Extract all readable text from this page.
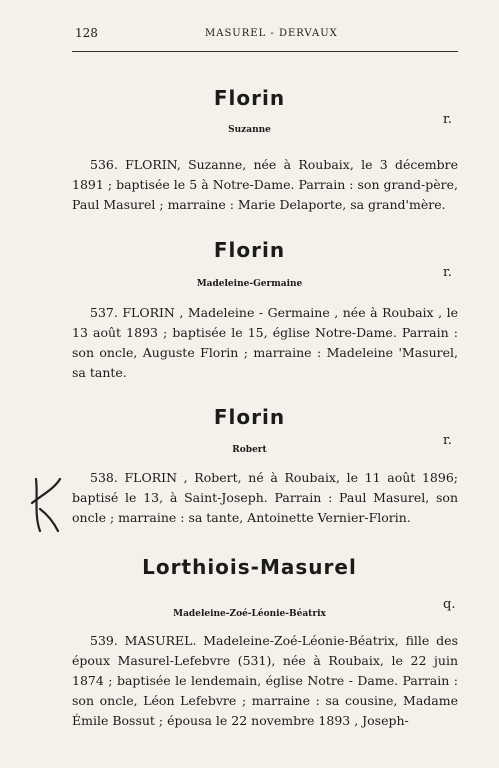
128	MASUREL - DERVAUX
Florin
r.
Suzanne
536. FLORIN, Suzanne, née à Roubaix, le 3 décembre 1891 ; baptisée le 5 à Notre-Dame. Parrain : son grand-père, Paul Masurel ; marraine : Marie Delaporte, sa grand'mère.
Florin
r.
Madeleine-Germaine
537. FLORIN , Madeleine - Germaine , née à Roubaix , le 13 août 1893 ; baptisée le 15, église Notre-Dame. Parrain : son oncle, Auguste Florin ; marraine : Madeleine 'Masurel, sa tante.
Florin
r.
Robert
538. FLORIN , Robert, né à Roubaix, le 11 août 1896; baptisé le 13, à Saint-Joseph. Parrain : Paul Masurel, son oncle ; marraine : sa tante, Antoinette Vernier-Florin.
Lorthiois-Masurel
q.
Madeleine-Zoé-Léonie-Béatrix
539. MASUREL. Madeleine-Zoé-Léonie-Béatrix, fille des époux Masurel-Lefebvre (531), née à Roubaix, le 22 juin 1874 ; baptisée le lendemain, église Notre - Dame. Parrain : son oncle, Léon Lefebvre ; marraine : sa cousine, Madame Émile Bossut ; épousa le 22 novembre 1893 , Joseph-
